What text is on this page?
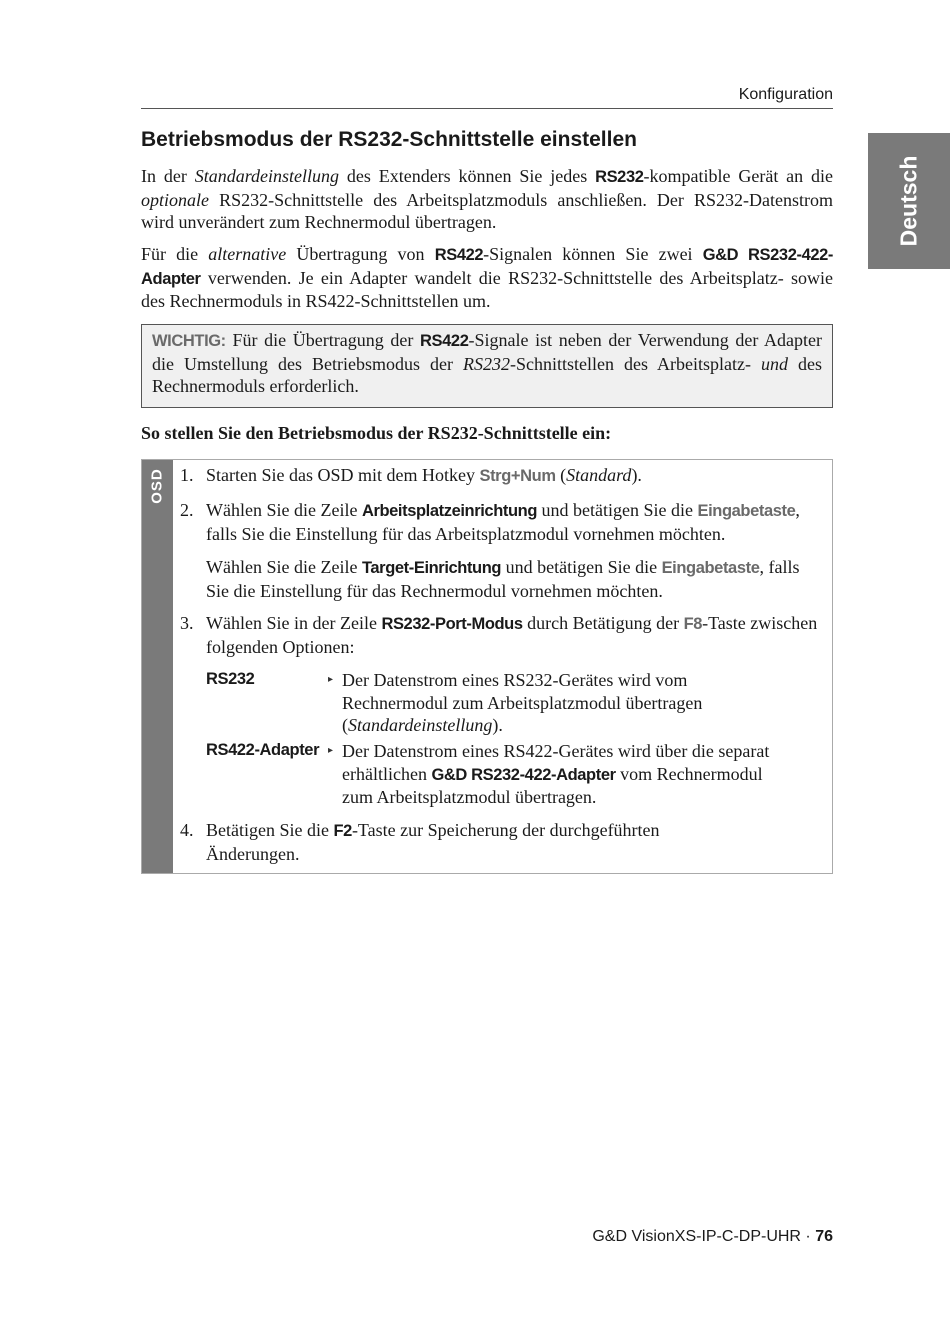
Konfiguration
Deutsch
Betriebsmodus der RS232-Schnittstelle einstellen

In der Standardeinstellung des Extenders können Sie jedes RS232-kompatible Gerät an die optionale RS232-Schnittstelle des Arbeitsplatzmoduls anschließen. Der RS232-Datenstrom wird unverändert zum Rechnermodul übertragen.

Für die alternative Übertragung von RS422-Signalen können Sie zwei G&D RS232-422-Adapter verwenden. Je ein Adapter wandelt die RS232-Schnittstelle des Arbeitsplatz- sowie des Rechnermoduls in RS422-Schnittstellen um.

WICHTIG: Für die Übertragung der RS422-Signale ist neben der Verwendung der Adapter die Umstellung des Betriebsmodus der RS232-Schnittstellen des Arbeitsplatz- und des Rechnermoduls erforderlich.

So stellen Sie den Betriebsmodus der RS232-Schnittstelle ein:

OSD 1. Starten Sie das OSD mit dem Hotkey Strg+Num (Standard).
2. Wählen Sie die Zeile Arbeitsplatzeinrichtung und betätigen Sie die Eingabetaste, falls Sie die Einstellung für das Arbeitsplatzmodul vornehmen möchten.
Wählen Sie die Zeile Target-Einrichtung und betätigen Sie die Eingabetaste, falls Sie die Einstellung für das Rechnermodul vornehmen möchten.
3. Wählen Sie in der Zeile RS232-Port-Modus durch Betätigung der F8-Taste zwischen folgenden Optionen:
RS232	▸ Der Datenstrom eines RS232-Gerätes wird vom Rechnermodul zum Arbeitsplatzmodul übertragen (Standardeinstellung).
RS422-Adapter ▸ Der Datenstrom eines RS422-Gerätes wird über die separat erhältlichen G&D RS232-422-Adapter vom Rechnermodul zum Arbeitsplatzmodul übertragen.
4. Betätigen Sie die F2-Taste zur Speicherung der durchgeführten Änderungen.
G&D VisionXS-IP-C-DP-UHR · 76
